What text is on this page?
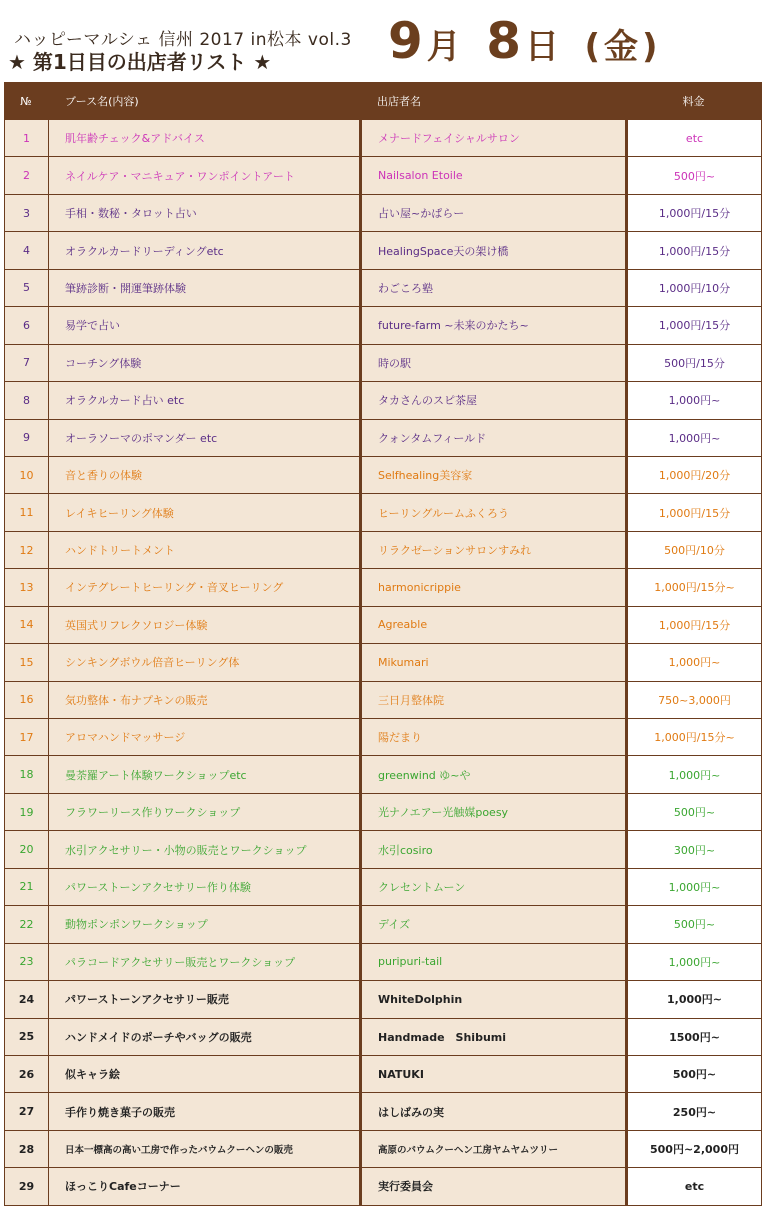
ハッピーマルシェ 信州 2017 in松本 vol.3
★ 第1日目の出店者リスト ★ 9月 8日 (金)
№	ブース名(内容)	出店者名	料金
1	肌年齢チェック&アドバイス	メナードフェイシャルサロン	etc
2	ネイルケア・マニキュア・ワンポイントアート	Nailsalon Etoile	500円~
3	手相・数秘・タロット占い	占い屋~かぱらー	1,000円/15分
4	オラクルカードリーディングetc	HealingSpace天の架け橋	1,000円/15分
5	筆跡診断・開運筆跡体験	わごころ塾	1,000円/10分
6	易学で占い	future-farm ~未来のかたち~	1,000円/15分
7	コーチング体験	時の駅	500円/15分
8	オラクルカード占い etc	タカさんのスピ茶屋	1,000円~
9	オーラソーマのポマンダー etc	クォンタムフィールド	1,000円~
10	音と香りの体験	Selfhealing美容家	1,000円/20分
11	レイキヒーリング体験	ヒーリングルームふくろう	1,000円/15分
12	ハンドトリートメント	リラクゼーションサロンすみれ	500円/10分
13	インテグレートヒーリング・音叉ヒーリング	harmonicrippie	1,000円/15分~
14	英国式リフレクソロジー体験	Agreable	1,000円/15分
15	シンキングボウル倍音ヒーリング体	Mikumari	1,000円~
16	気功整体・布ナプキンの販売	三日月整体院	750~3,000円
17	アロマハンドマッサージ	陽だまり	1,000円/15分~
18	曼荼羅アート体験ワークショップetc	greenwind ゆ~や	1,000円~
19	フラワーリース作りワークショップ	光ナノエアー光触媒poesy	500円~
20	水引アクセサリー・小物の販売とワークショップ	水引cosiro	300円~
21	パワーストーンアクセサリー作り体験	クレセントムーン	1,000円~
22	動物ポンポンワークショップ	デイズ	500円~
23	パラコードアクセサリー販売とワークショップ	puripuri-tail	1,000円~
24	パワーストーンアクセサリー販売	WhiteDolphin	1,000円~
25	ハンドメイドのポーチやバッグの販売	Handmade　Shibumi	1500円~
26	似キャラ絵	NATUKI	500円~
27	手作り焼き菓子の販売	はしばみの実	250円~
28	日本一標高の高い工房で作ったバウムクーヘンの販売	高原のバウムクーヘン工房ヤムヤムツリー	500円~2,000円
29	ほっこりCafeコーナー	実行委員会	etc
